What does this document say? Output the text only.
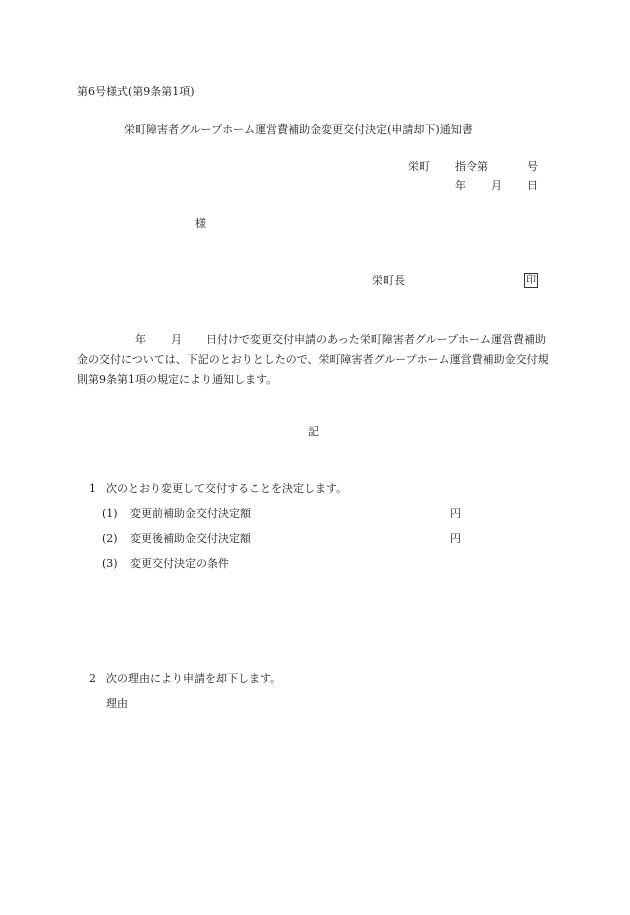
第6号様式(第9条第1項)
栄町障害者グループホーム運営費補助金変更交付決定(申請却下)通知書
栄町 指令第	号
年 月 日
様
栄町長	印
年 月 日付けで変更交付申請のあった栄町障害者グループホーム運営費補助金の交付については、下記のとおりとしたので、栄町障害者グループホーム運営費補助金交付規則第9条第1項の規定により通知します。
記
1 次のとおり変更して交付することを決定します。
(1) 変更前補助金交付決定額	円
(2) 変更後補助金交付決定額	円
(3) 変更交付決定の条件
2 次の理由により申請を却下します。
理由
